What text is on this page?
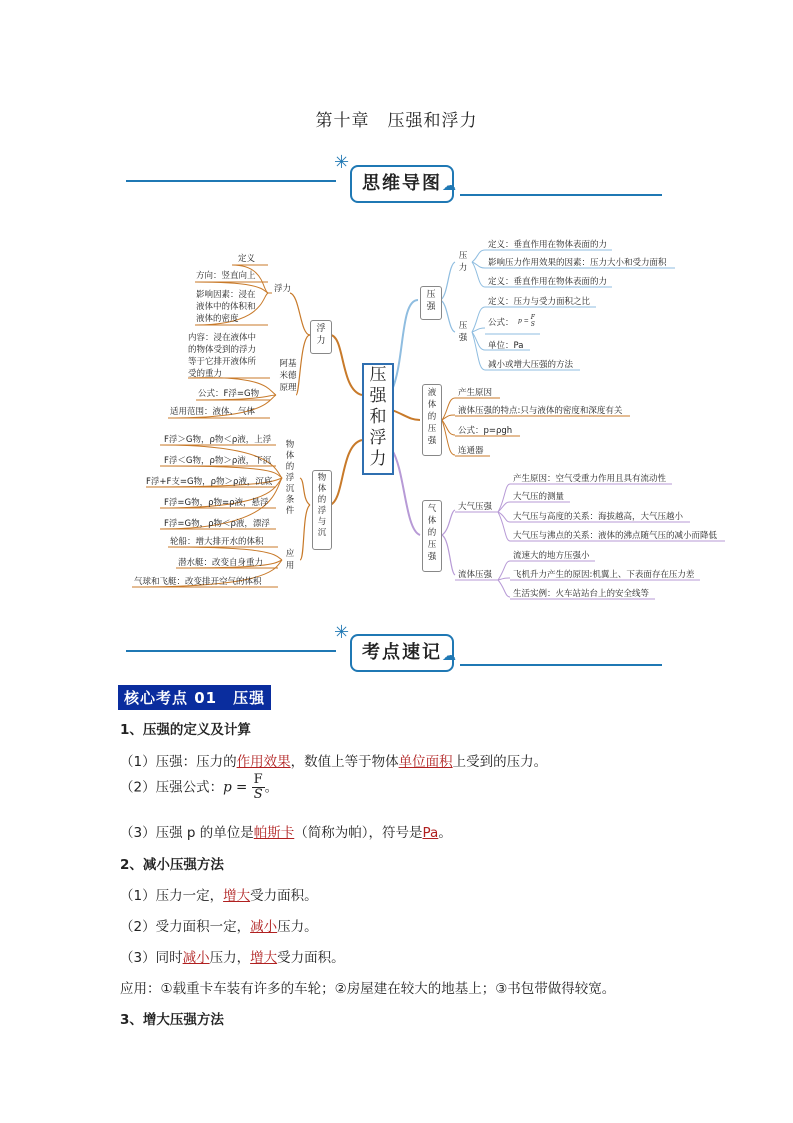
第十章　压强和浮力
✳
思维导图 ☁
压
强
和
浮
力
浮
力
浮力
定义
方向：竖直向上
影响因素：浸在液体中的体积和液体的密度
阿基米德原理
内容：浸在液体中的物体受到的浮力等于它排开液体所受的重力
公式：F浮=G物
适用范围：液体、气体
物
体
的
浮
与
沉
物
体
的
浮
沉
条
件
F浮＞G物，ρ物＜ρ液，上浮
F浮＜G物，ρ物＞ρ液，下沉
F浮+F支=G物，ρ物＞ρ液，沉底
F浮=G物，ρ物=ρ液，悬浮
F浮=G物，ρ物＜ρ液，漂浮
应
用
轮船：增大排开水的体积
潜水艇：改变自身重力
气球和飞艇：改变排开空气的体积
压
强
压
力
定义：垂直作用在物体表面的力
影响压力作用效果的因素：压力大小和受力面积
定义：垂直作用在物体表面的力
压
强
定义：压力与受力面积之比
公式： p = F
S
单位：Pa
减小或增大压强的方法
液
体
的
压
强
产生原因
液体压强的特点:只与液体的密度和深度有关
公式：p=ρgh
连通器
气
体
的
压
强
大气压强
产生原因：空气受重力作用且具有流动性
大气压的测量
大气压与高度的关系：海拔越高，大气压越小
大气压与沸点的关系：液体的沸点随气压的减小而降低
流体压强
流速大的地方压强小
飞机升力产生的原因:机翼上、下表面存在压力差
生活实例：火车站站台上的安全线等
✳
考点速记 ☁
核心考点 01　压强
1、压强的定义及计算
（1）压强：压力的作用效果，数值上等于物体单位面积上受到的压力。
（2）压强公式：$p = \frac{F}{S}$ 。
（3）压强 p 的单位是帕斯卡（简称为帕），符号是Pa。
2、减小压强方法
（1）压力一定，增大受力面积。
（2）受力面积一定，减小压力。
（3）同时减小压力，增大受力面积。
应用：①载重卡车装有许多的车轮；②房屋建在较大的地基上；③书包带做得较宽。
3、增大压强方法
